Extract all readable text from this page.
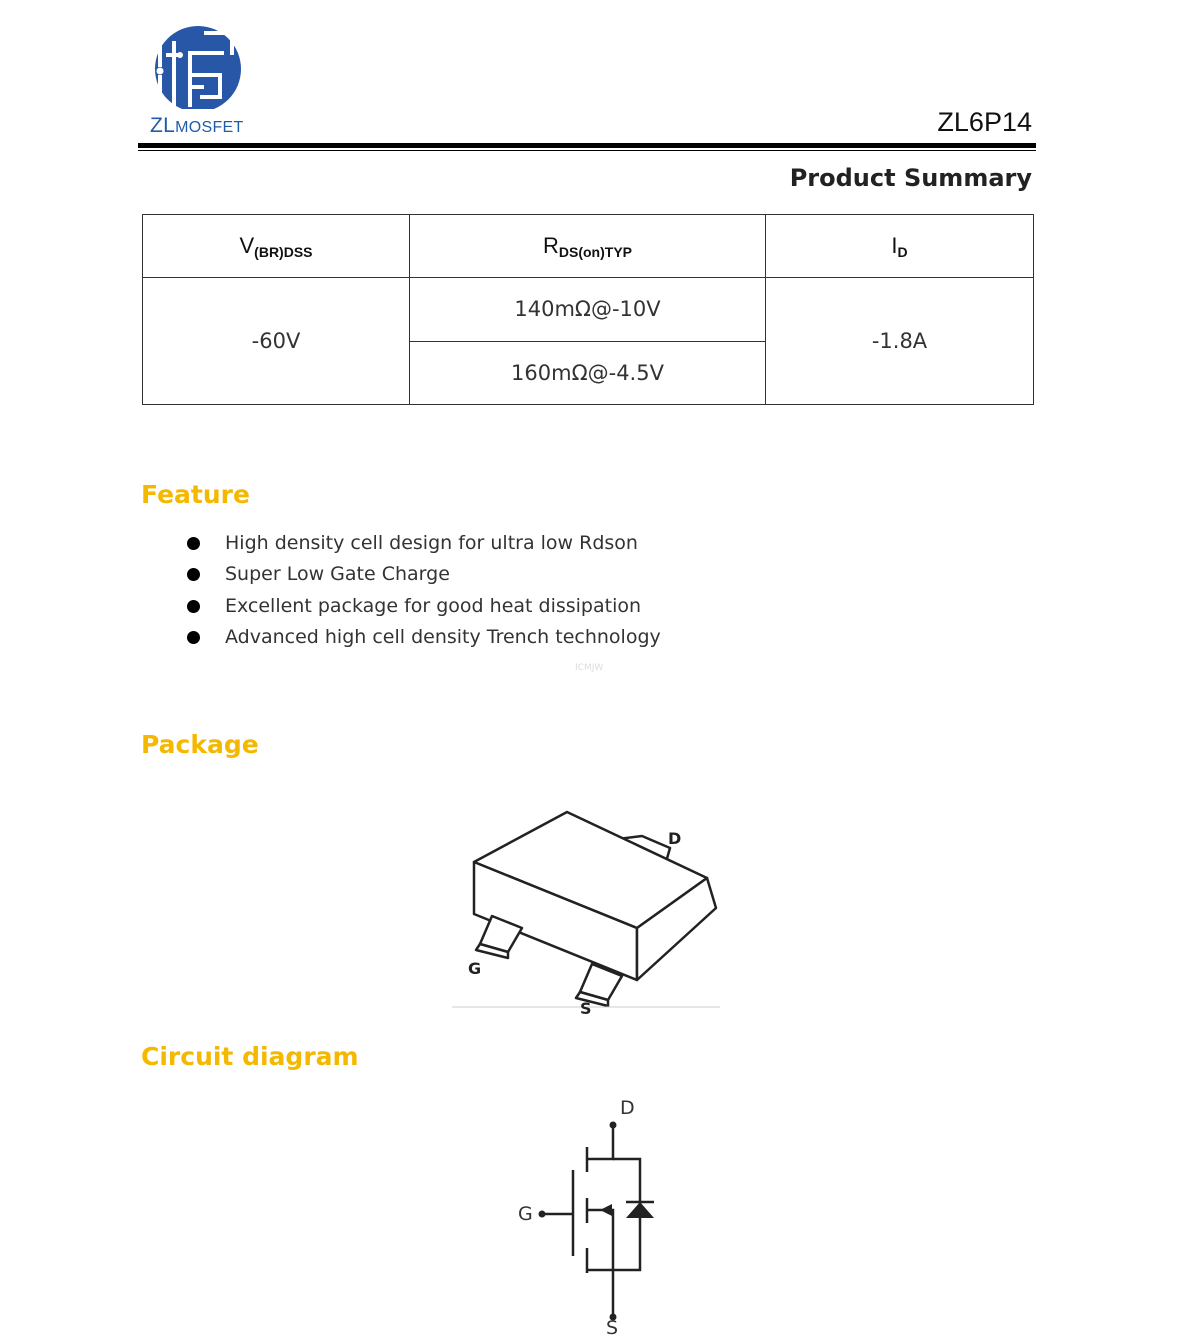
ZLMOSFET	ZL6P14
Product Summary
$V_{(BR)DSS}$	$R_{DS(on)TYP}$	$I_D$
-60V	140mΩ@-10V	-1.8A
	160mΩ@-4.5V	
Feature
High density cell design for ultra low Rdson
Super Low Gate Charge
Excellent package for good heat dissipation
Advanced high cell density Trench technology
ICMJW
Package
D
G
S
Circuit diagram
D
G
S
